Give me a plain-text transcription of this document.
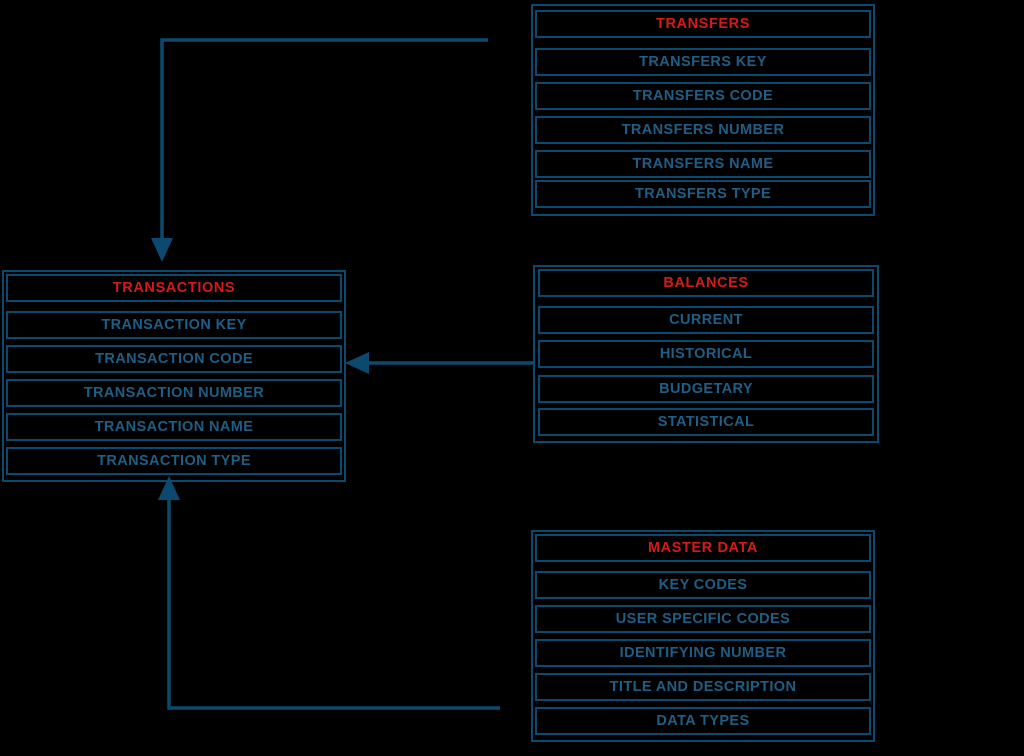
TRANSFERS
TRANSFERS KEY
TRANSFERS CODE
TRANSFERS NUMBER
TRANSFERS NAME
TRANSFERS TYPE
TRANSACTIONS
TRANSACTION KEY
TRANSACTION CODE
TRANSACTION NUMBER
TRANSACTION NAME
TRANSACTION TYPE
BALANCES
CURRENT
HISTORICAL
BUDGETARY
STATISTICAL
MASTER DATA
KEY CODES
USER SPECIFIC CODES
IDENTIFYING NUMBER
TITLE AND DESCRIPTION
DATA TYPES
